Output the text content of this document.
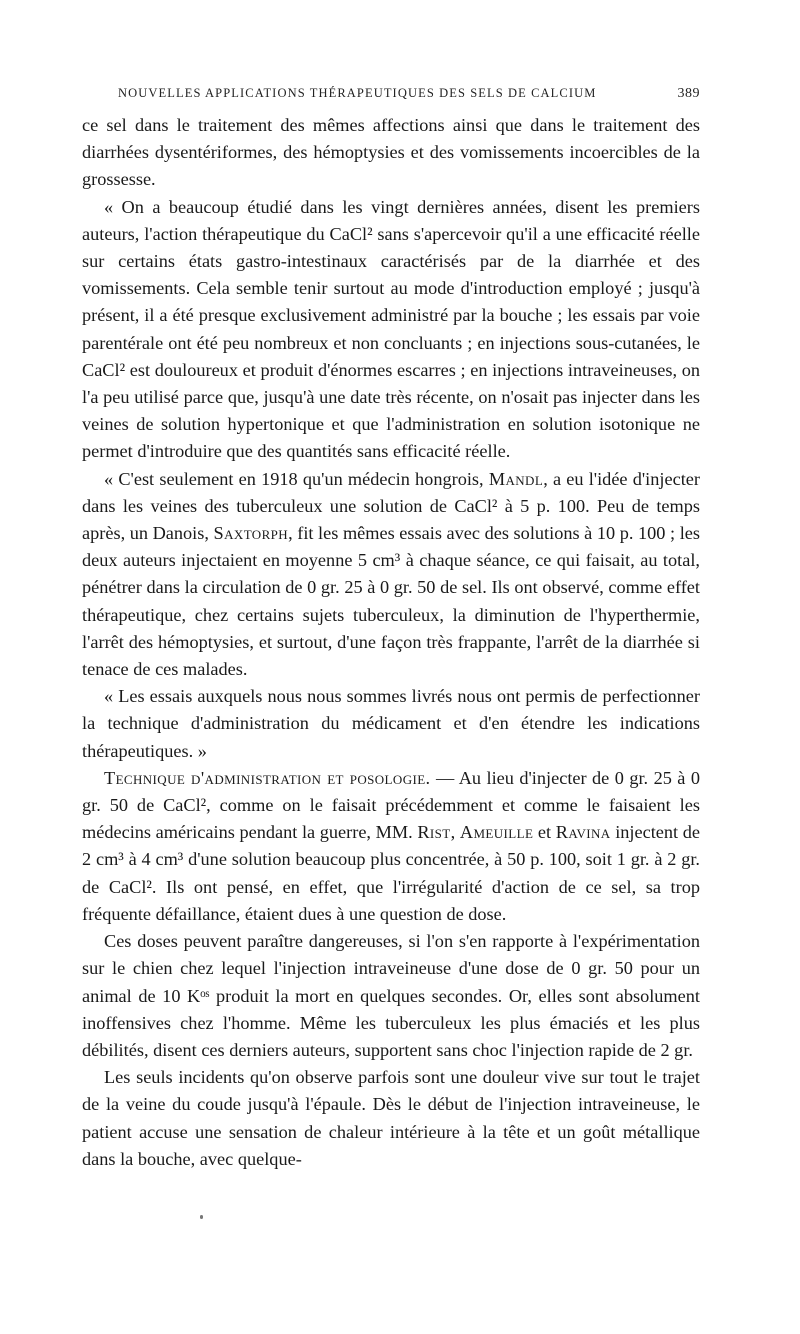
NOUVELLES APPLICATIONS THÉRAPEUTIQUES DES SELS DE CALCIUM	389

ce sel dans le traitement des mêmes affections ainsi que dans le traitement des diarrhées dysentériformes, des hémoptysies et des vomissements incoercibles de la grossesse.

« On a beaucoup étudié dans les vingt dernières années, disent les premiers auteurs, l'action thérapeutique du CaCl² sans s'apercevoir qu'il a une efficacité réelle sur certains états gastro-intestinaux caractérisés par de la diarrhée et des vomissements. Cela semble tenir surtout au mode d'introduction employé ; jusqu'à présent, il a été presque exclusivement administré par la bouche ; les essais par voie parentérale ont été peu nombreux et non concluants ; en injections sous-cutanées, le CaCl² est douloureux et produit d'énormes escarres ; en injections intraveineuses, on l'a peu utilisé parce que, jusqu'à une date très récente, on n'osait pas injecter dans les veines de solution hypertonique et que l'administration en solution isotonique ne permet d'introduire que des quantités sans efficacité réelle.

« C'est seulement en 1918 qu'un médecin hongrois, Mandl, a eu l'idée d'injecter dans les veines des tuberculeux une solution de CaCl² à 5 p. 100. Peu de temps après, un Danois, Saxtorph, fit les mêmes essais avec des solutions à 10 p. 100 ; les deux auteurs injectaient en moyenne 5 cm³ à chaque séance, ce qui faisait, au total, pénétrer dans la circulation de 0 gr. 25 à 0 gr. 50 de sel. Ils ont observé, comme effet thérapeutique, chez certains sujets tuberculeux, la diminution de l'hyperthermie, l'arrêt des hémoptysies, et surtout, d'une façon très frappante, l'arrêt de la diarrhée si tenace de ces malades.

« Les essais auxquels nous nous sommes livrés nous ont permis de perfectionner la technique d'administration du médicament et d'en étendre les indications thérapeutiques. »

Technique d'administration et posologie. — Au lieu d'injecter de 0 gr. 25 à 0 gr. 50 de CaCl², comme on le faisait précédemment et comme le faisaient les médecins américains pendant la guerre, MM. Rist, Ameuille et Ravina injectent de 2 cm³ à 4 cm³ d'une solution beaucoup plus concentrée, à 50 p. 100, soit 1 gr. à 2 gr. de CaCl². Ils ont pensé, en effet, que l'irrégularité d'action de ce sel, sa trop fréquente défaillance, étaient dues à une question de dose.

Ces doses peuvent paraître dangereuses, si l'on s'en rapporte à l'expérimentation sur le chien chez lequel l'injection intraveineuse d'une dose de 0 gr. 50 pour un animal de 10 Kᵒˢ produit la mort en quelques secondes. Or, elles sont absolument inoffensives chez l'homme. Même les tuberculeux les plus émaciés et les plus débilités, disent ces derniers auteurs, supportent sans choc l'injection rapide de 2 gr.

Les seuls incidents qu'on observe parfois sont une douleur vive sur tout le trajet de la veine du coude jusqu'à l'épaule. Dès le début de l'injection intraveineuse, le patient accuse une sensation de chaleur intérieure à la tête et un goût métallique dans la bouche, avec quelque-
